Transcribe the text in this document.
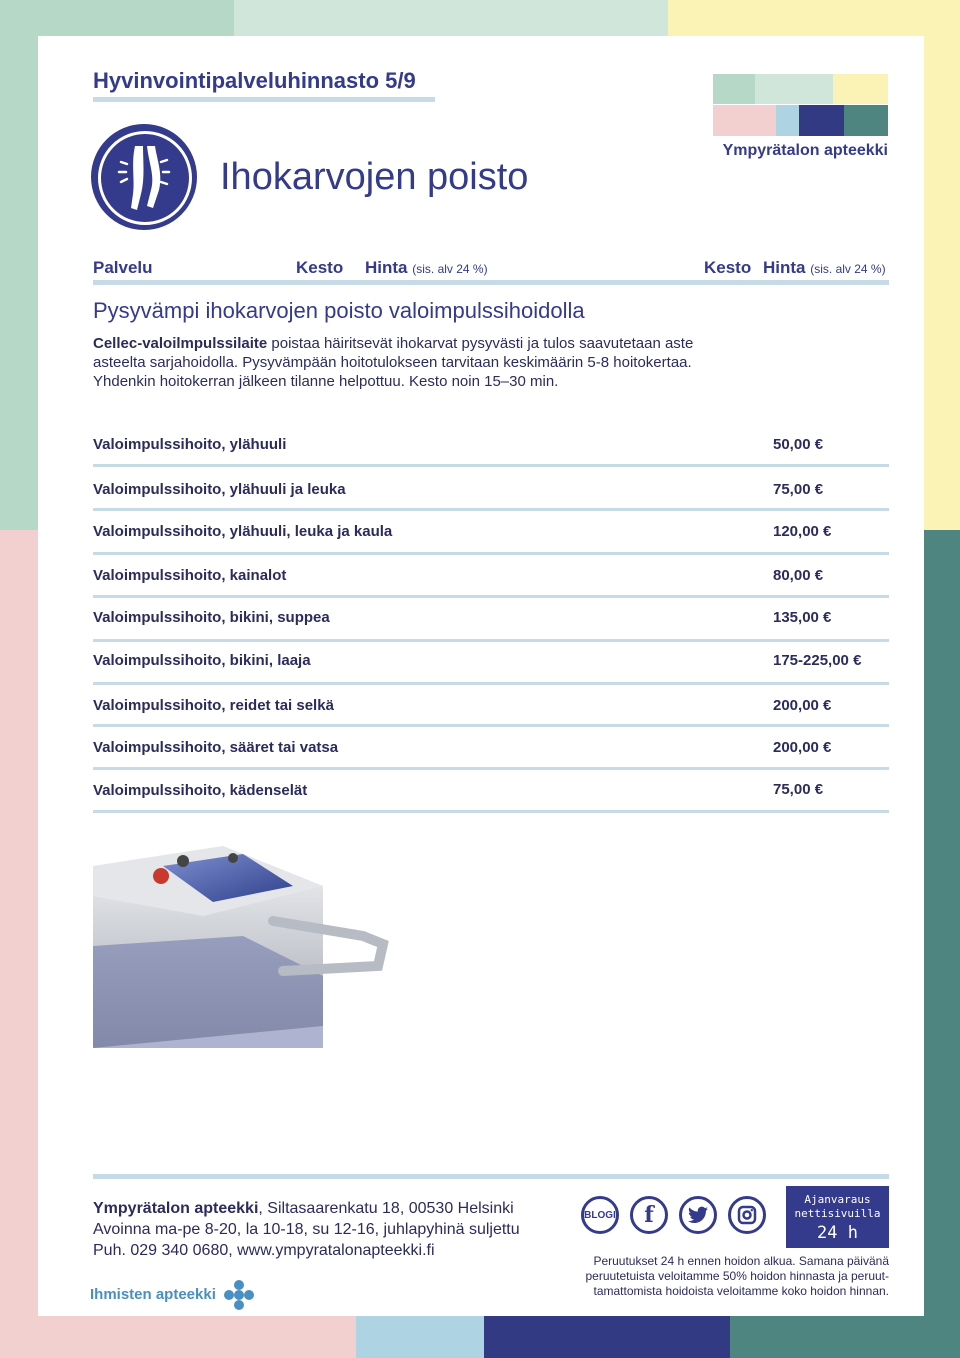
Hyvinvointipalveluhinnasto 5/9
Ympyrätalon apteekki
Ihokarvojen poisto
Palvelu	Kesto Hinta (sis. alv 24 %)	Kesto Hinta (sis. alv 24 %)
Pysyvämpi ihokarvojen poisto valoimpulssihoidolla
Cellec-valoilmpulssilaite poistaa häiritsevät ihokarvat pysyvästi ja tulos saavutetaan aste asteelta sarjahoidolla. Pysyvämpään hoitotulokseen tarvitaan keskimäärin 5-8 hoitokertaa. Yhdenkin hoitokerran jälkeen tilanne helpottuu. Kesto noin 15–30 min.
Valoimpulssihoito, ylähuuli	50,00 €
Valoimpulssihoito, ylähuuli ja leuka	75,00 €
Valoimpulssihoito, ylähuuli, leuka ja kaula	120,00 €
Valoimpulssihoito, kainalot	80,00 €
Valoimpulssihoito, bikini, suppea	135,00 €
Valoimpulssihoito, bikini, laaja	175-225,00 €
Valoimpulssihoito, reidet tai selkä	200,00 €
Valoimpulssihoito, sääret tai vatsa	200,00 €
Valoimpulssihoito, kädenselät	75,00 €
Ympyrätalon apteekki, Siltasaarenkatu 18, 00530 Helsinki
Avoinna ma-pe 8-20, la 10-18, su 12-16, juhlapyhinä suljettu
Puh. 029 340 0680, www.ympyratalonapteekki.fi
Ihmisten apteekki
BLOGI	f
Ajanvaraus
nettisivuilla
24 h
Peruutukset 24 h ennen hoidon alkua. Samana päivänä peruutetuista veloitamme 50% hoidon hinnasta ja peruut-tamattomista hoidoista veloitamme koko hoidon hinnan.
